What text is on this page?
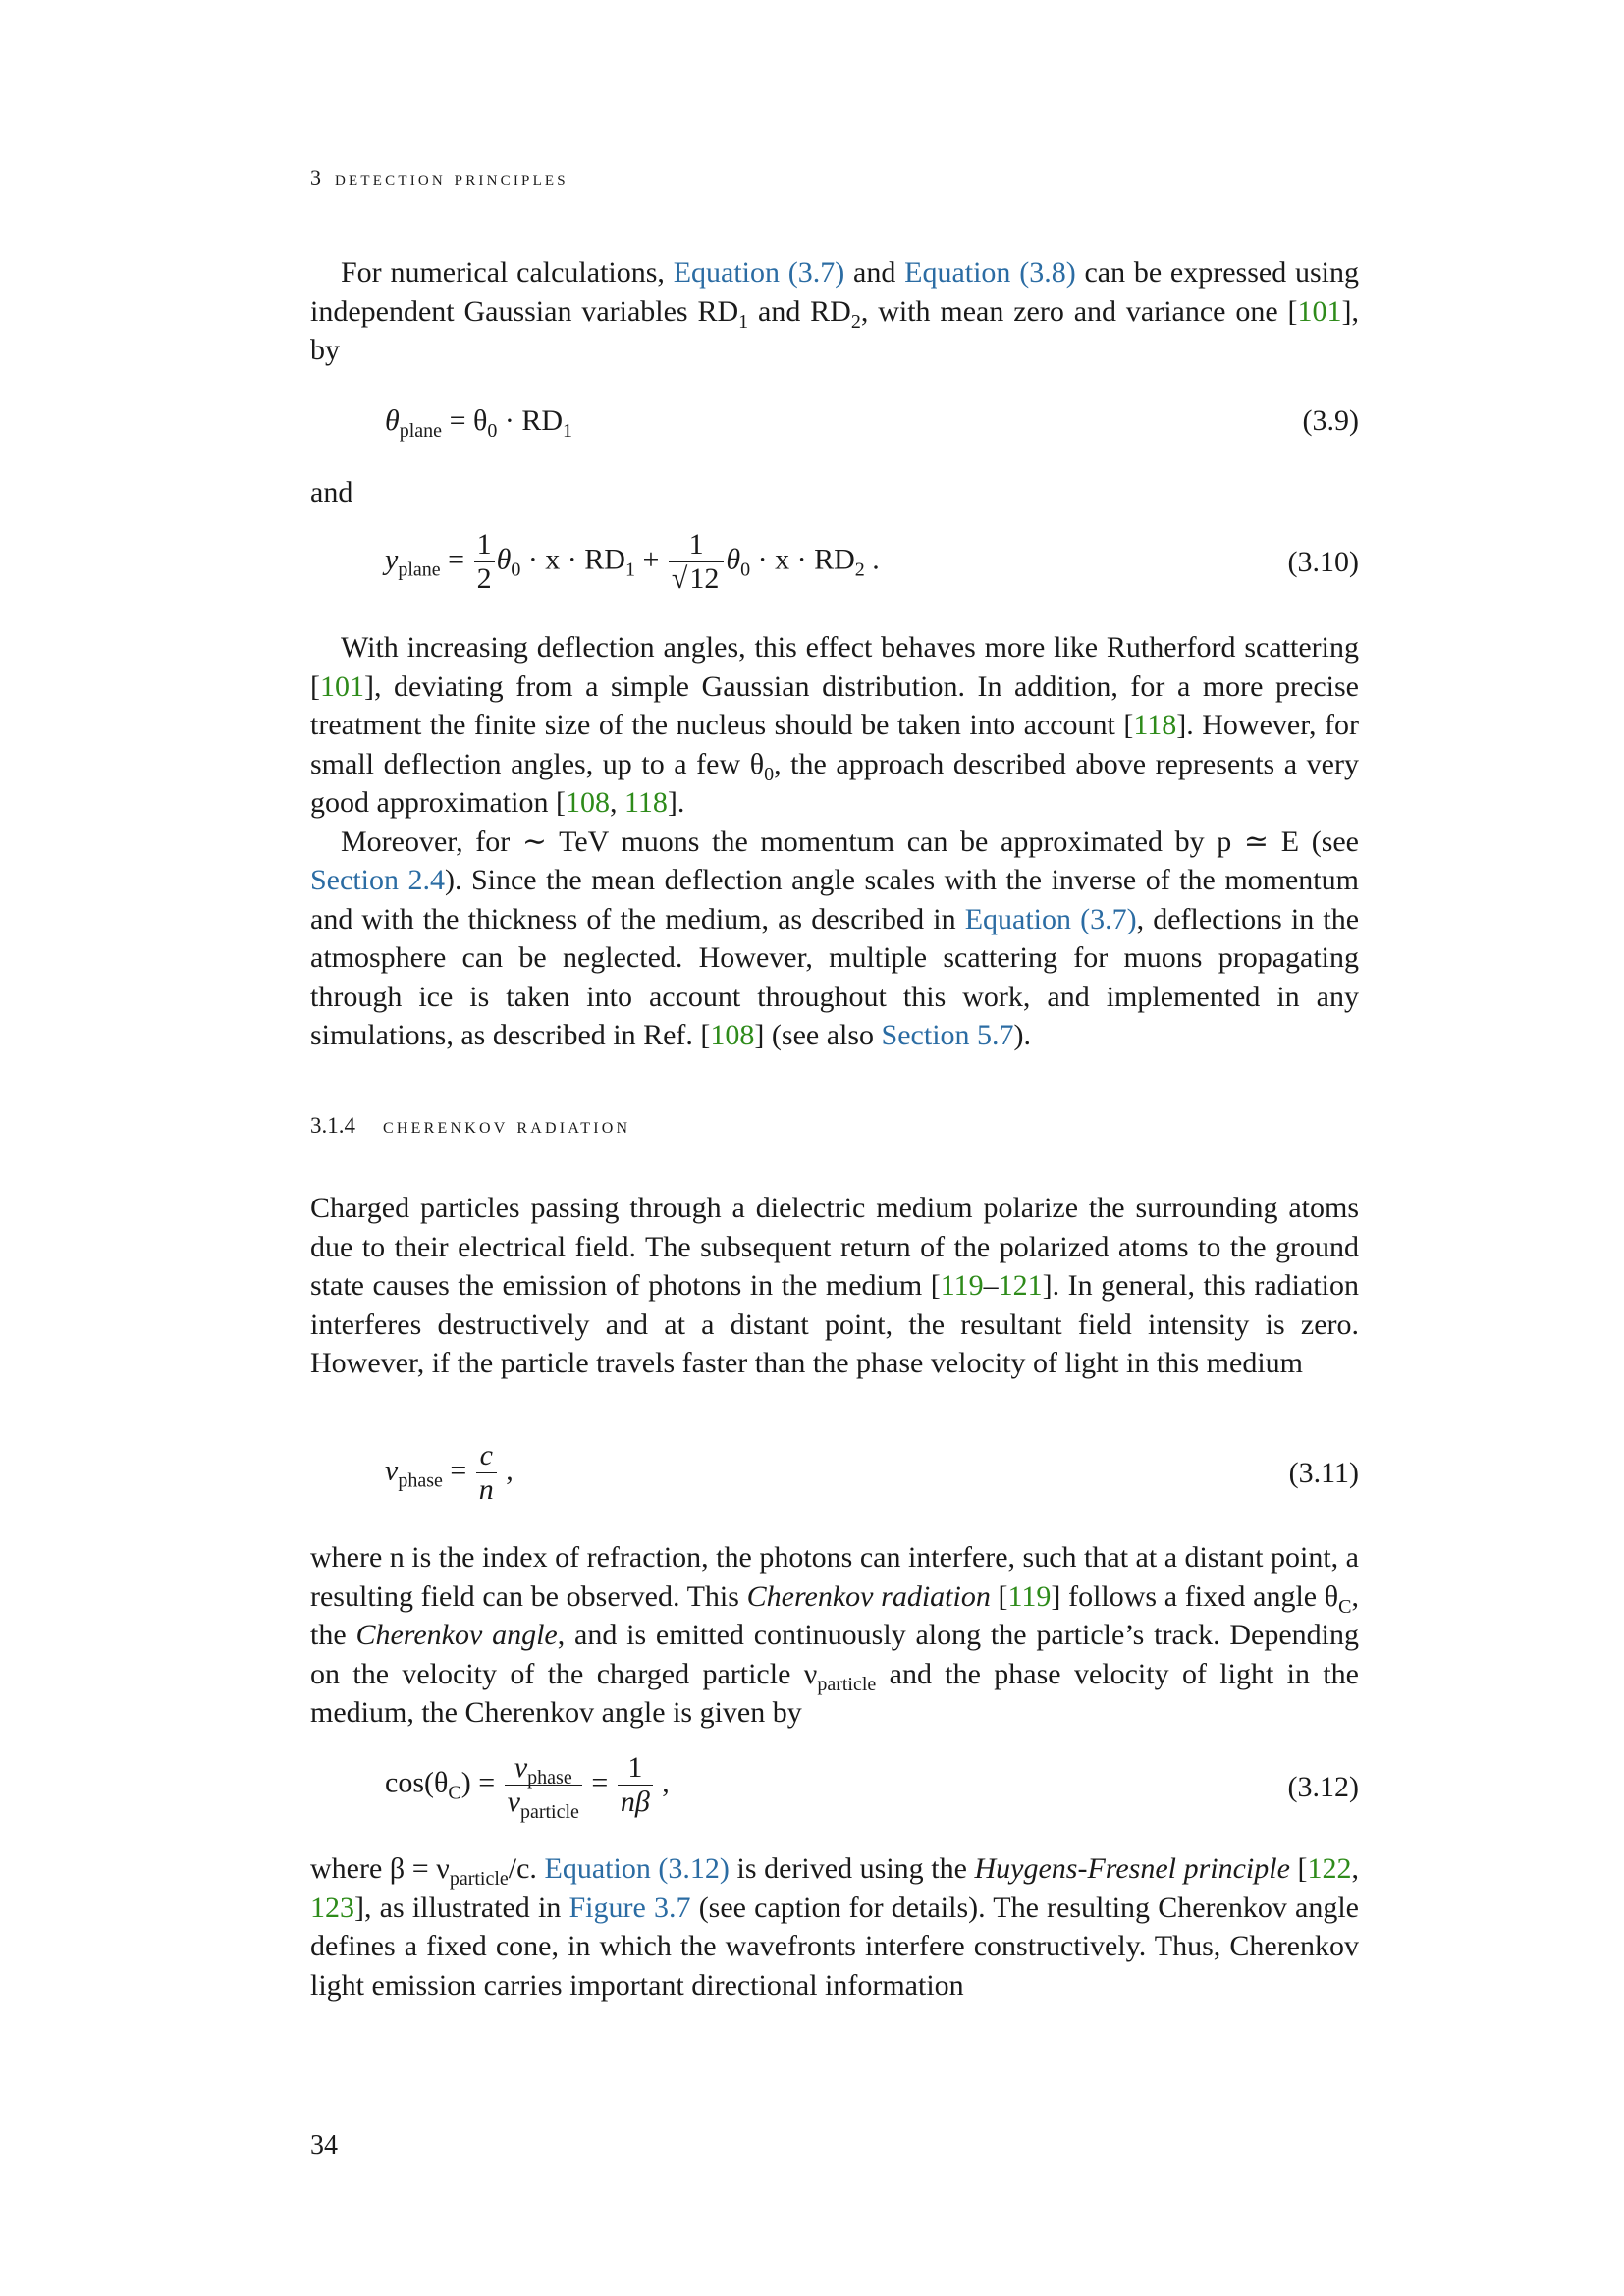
3 detection principles

For numerical calculations, Equation (3.7) and Equation (3.8) can be expressed using independent Gaussian variables $RD_1$ and $RD_2$, with mean zero and variance one [101], by

$\theta_{plane} = \theta_0 \cdot RD_1$	(3.9)

and

$y_{plane} = \frac{1}{2} \theta_0 \cdot x \cdot RD_1 + \frac{1}{√12} \theta_0 \cdot x \cdot RD_2$ .	(3.10)

With increasing deflection angles, this effect behaves more like Rutherford scattering [101], deviating from a simple Gaussian distribution. In addition, for a more precise treatment the finite size of the nucleus should be taken into account [118]. However, for small deflection angles, up to a few $\theta_0$, the approach described above represents a very good approximation [108, 118].

Moreover, for ∼ TeV muons the momentum can be approximated by p ≃ E (see Section 2.4). Since the mean deflection angle scales with the inverse of the momentum and with the thickness of the medium, as described in Equation (3.7), deflections in the atmosphere can be neglected. However, multiple scattering for muons propagating through ice is taken into account throughout this work, and implemented in any simulations, as described in Ref. [108] (see also Section 5.7).

3.1.4 cherenkov radiation

Charged particles passing through a dielectric medium polarize the surrounding atoms due to their electrical field. The subsequent return of the polarized atoms to the ground state causes the emission of photons in the medium [119–121]. In general, this radiation interferes destructively and at a distant point, the resultant field intensity is zero. However, if the particle travels faster than the phase velocity of light in this medium

$\nu_{phase} = \frac{c}{n}$ ,	(3.11)

where n is the index of refraction, the photons can interfere, such that at a distant point, a resulting field can be observed. This Cherenkov radiation [119] follows a fixed angle $\theta_C$, the Cherenkov angle, and is emitted continuously along the particle’s track. Depending on the velocity of the charged particle $\nu_{particle}$ and the phase velocity of light in the medium, the Cherenkov angle is given by

$\cos(\theta_C) = \frac{\nu_{phase}}{\nu_{particle}} = \frac{1}{n\beta}$ ,	(3.12)

where $\beta = \nu_{particle}/c$. Equation (3.12) is derived using the Huygens-Fresnel principle [122, 123], as illustrated in Figure 3.7 (see caption for details). The resulting Cherenkov angle defines a fixed cone, in which the wavefronts interfere constructively. Thus, Cherenkov light emission carries important directional information

34
